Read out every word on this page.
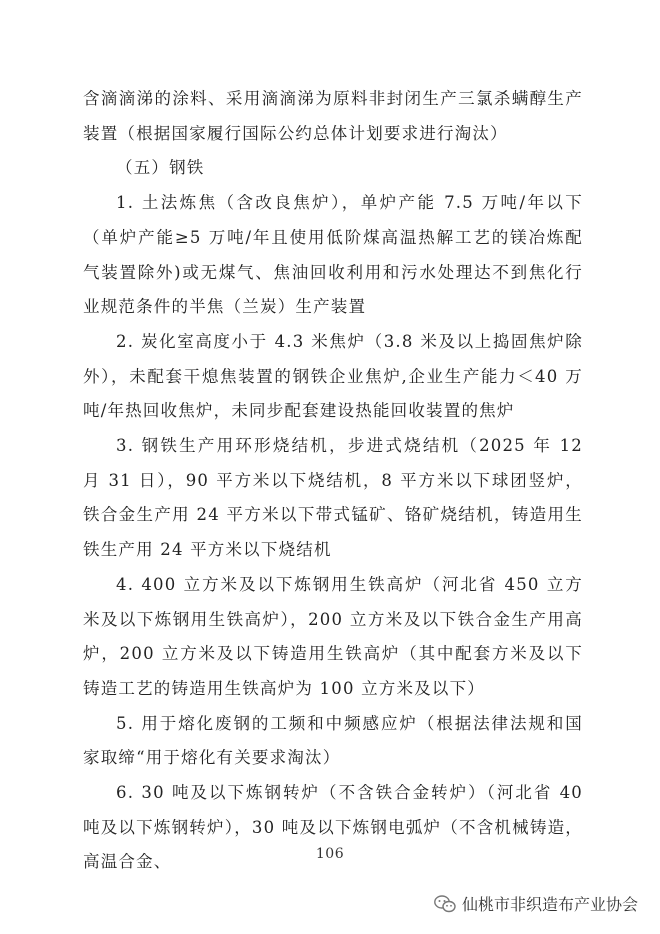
含滴滴涕的涂料、采用滴滴涕为原料非封闭生产三氯杀螨醇生产装置（根据国家履行国际公约总体计划要求进行淘汰）

（五）钢铁

1. 土法炼焦（含改良焦炉），单炉产能 7.5 万吨/年以下（单炉产能≥5 万吨/年且使用低阶煤高温热解工艺的镁冶炼配气装置除外)或无煤气、焦油回收利用和污水处理达不到焦化行业规范条件的半焦（兰炭）生产装置

2. 炭化室高度小于 4.3 米焦炉（3.8 米及以上捣固焦炉除外），未配套干熄焦装置的钢铁企业焦炉,企业生产能力＜40 万吨/年热回收焦炉，未同步配套建设热能回收装置的焦炉

3. 钢铁生产用环形烧结机，步进式烧结机（2025 年 12 月 31 日），90 平方米以下烧结机，8 平方米以下球团竖炉，铁合金生产用 24 平方米以下带式锰矿、铬矿烧结机，铸造用生铁生产用 24 平方米以下烧结机

4. 400 立方米及以下炼钢用生铁高炉（河北省 450 立方米及以下炼钢用生铁高炉），200 立方米及以下铁合金生产用高炉，200 立方米及以下铸造用生铁高炉（其中配套方米及以下铸造工艺的铸造用生铁高炉为 100 立方米及以下）

5. 用于熔化废钢的工频和中频感应炉（根据法律法规和国家取缔“用于熔化有关要求淘汰）

6. 30 吨及以下炼钢转炉（不含铁合金转炉）（河北省 40 吨及以下炼钢转炉），30 吨及以下炼钢电弧炉（不含机械铸造，高温合金、	106
仙桃市非织造布产业协会
